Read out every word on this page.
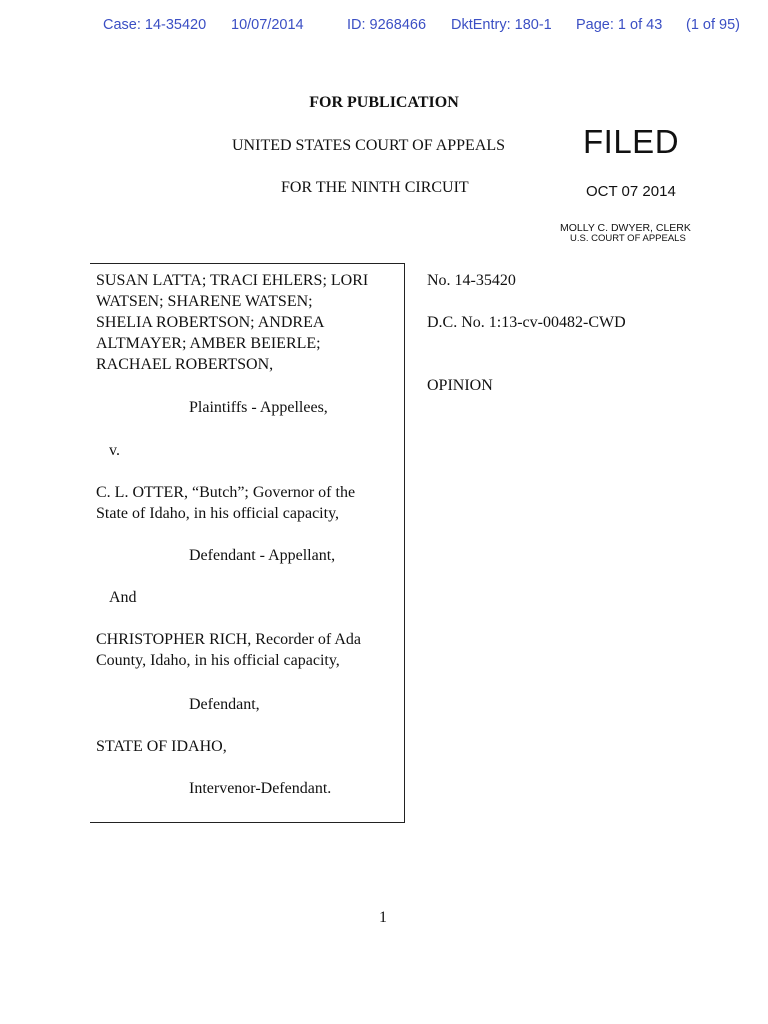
Case: 14-35420 10/07/2014	ID: 9268466 DktEntry: 180-1 Page: 1 of 43 (1 of 95)
FOR PUBLICATION
UNITED STATES COURT OF APPEALS
FOR THE NINTH CIRCUIT
FILED
OCT 07 2014
MOLLY C. DWYER, CLERK
U.S. COURT OF APPEALS
SUSAN LATTA; TRACI EHLERS; LORI
WATSEN; SHARENE WATSEN;
SHELIA ROBERTSON; ANDREA
ALTMAYER; AMBER BEIERLE;
RACHAEL ROBERTSON,
Plaintiffs - Appellees,
v.
C. L. OTTER, “Butch”; Governor of the
State of Idaho, in his official capacity,
Defendant - Appellant,
And
CHRISTOPHER RICH, Recorder of Ada
County, Idaho, in his official capacity,
Defendant,
STATE OF IDAHO,
Intervenor-Defendant.
No. 14-35420
D.C. No. 1:13-cv-00482-CWD
OPINION
1
